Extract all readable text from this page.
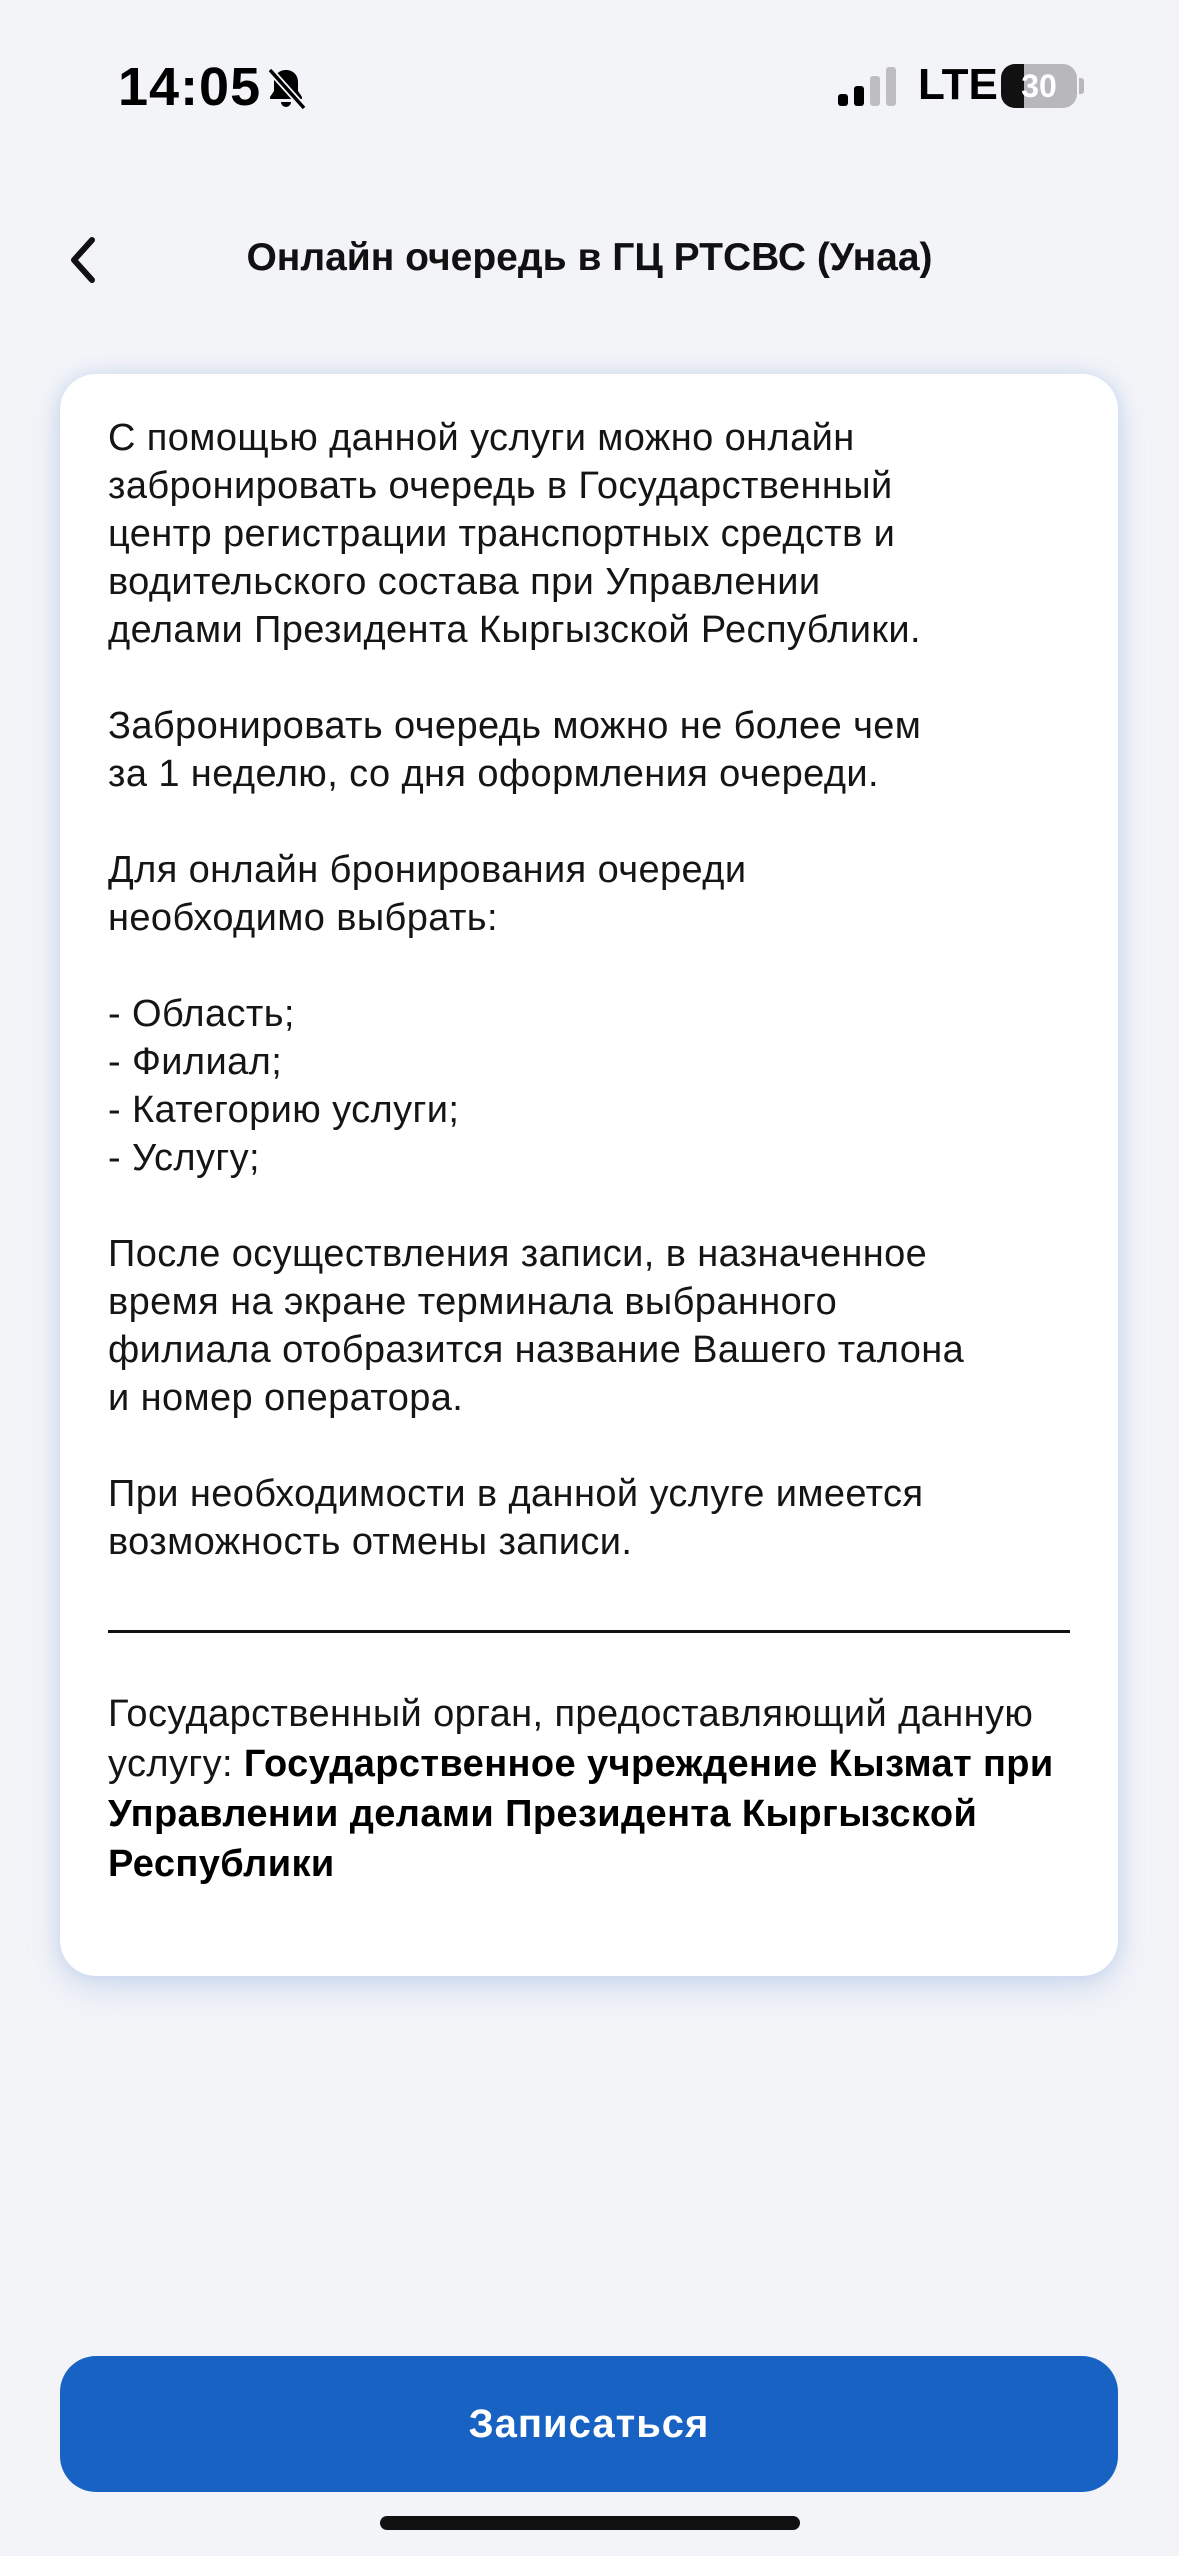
14:05	LTE 30
Онлайн очередь в ГЦ РТСВС (Унаа)

С помощью данной услуги можно онлайн
забронировать очередь в Государственный
центр регистрации транспортных средств и
водительского состава при Управлении
делами Президента Кыргызской Республики.

Забронировать очередь можно не более чем
за 1 неделю, со дня оформления очереди.

Для онлайн бронирования очереди
необходимо выбрать:

- Область;
- Филиал;
- Категорию услуги;
- Услугу;

После осуществления записи, в назначенное
время на экране терминала выбранного
филиала отобразится название Вашего талона
и номер оператора.

При необходимости в данной услуге имеется
возможность отмены записи.

Государственный орган, предоставляющий данную услугу: Государственное учреждение Кызмат при Управлении делами Президента Кыргызской Республики
Записаться
